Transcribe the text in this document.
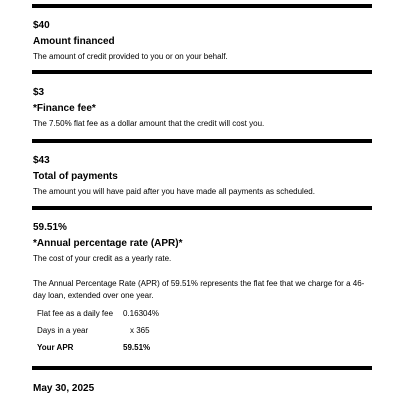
$40
Amount financed
The amount of credit provided to you or on your behalf.
$3
*Finance fee*
The 7.50% flat fee as a dollar amount that the credit will cost you.
$43
Total of payments
The amount you will have paid after you have made all payments as scheduled.
59.51%
*Annual percentage rate (APR)*
The cost of your credit as a yearly rate.
The Annual Percentage Rate (APR) of 59.51% represents the flat fee that we charge for a 46-day loan, extended over one year.
Flat fee as a daily fee 0.16304%
Days in a year	x 365
Your APR	59.51%
May 30, 2025
